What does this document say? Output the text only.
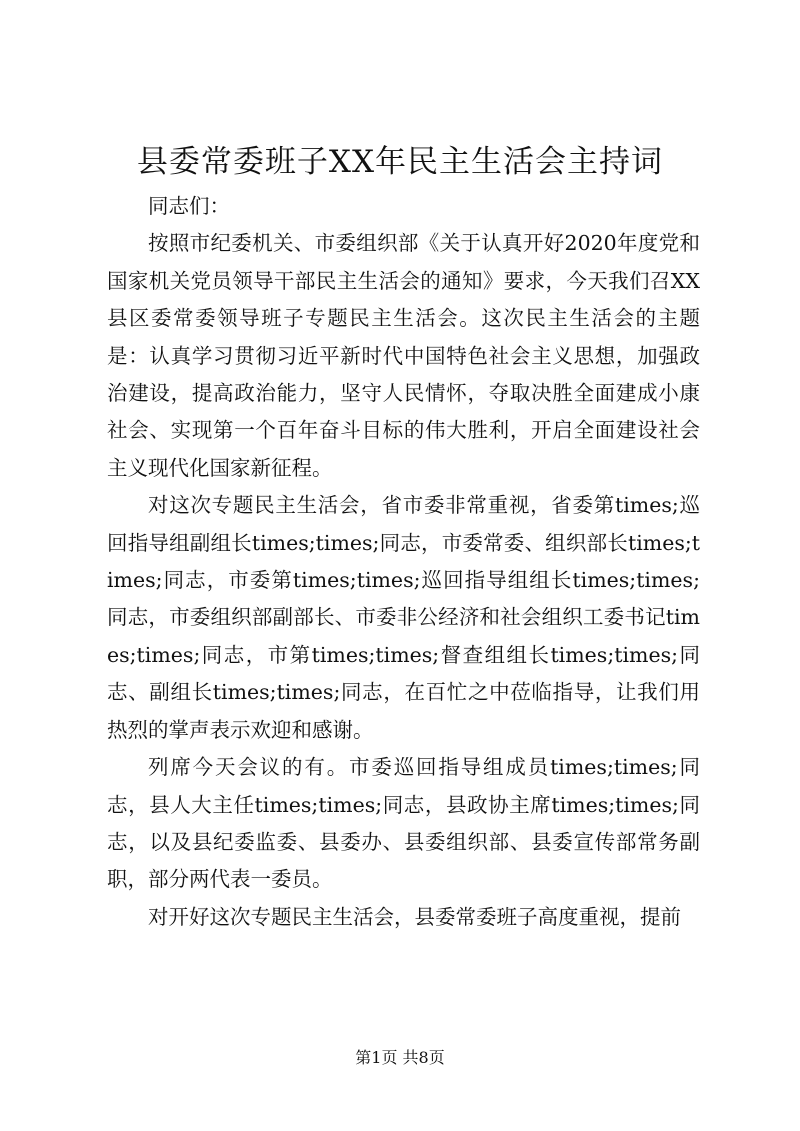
县委常委班子XX年民主生活会主持词

同志们：

按照市纪委机关、市委组织部《关于认真开好2020年度党和国家机关党员领导干部民主生活会的通知》要求，今天我们召XX县区委常委领导班子专题民主生活会。这次民主生活会的主题是：认真学习贯彻习近平新时代中国特色社会主义思想，加强政治建设，提高政治能力，坚守人民情怀，夺取决胜全面建成小康社会、实现第一个百年奋斗目标的伟大胜利，开启全面建设社会主义现代化国家新征程。

对这次专题民主生活会，省市委非常重视，省委第times;巡回指导组副组长times;times;同志，市委常委、组织部长times;times;同志，市委第times;times;巡回指导组组长times;times;同志，市委组织部副部长、市委非公经济和社会组织工委书记times;times;同志，市第times;times;督查组组长times;times;同志、副组长times;times;同志，在百忙之中莅临指导，让我们用热烈的掌声表示欢迎和感谢。

列席今天会议的有。市委巡回指导组成员times;times;同志，县人大主任times;times;同志，县政协主席times;times;同志，以及县纪委监委、县委办、县委组织部、县委宣传部常务副职，部分两代表一委员。

对开好这次专题民主生活会，县委常委班子高度重视，提前

第1页 共8页
